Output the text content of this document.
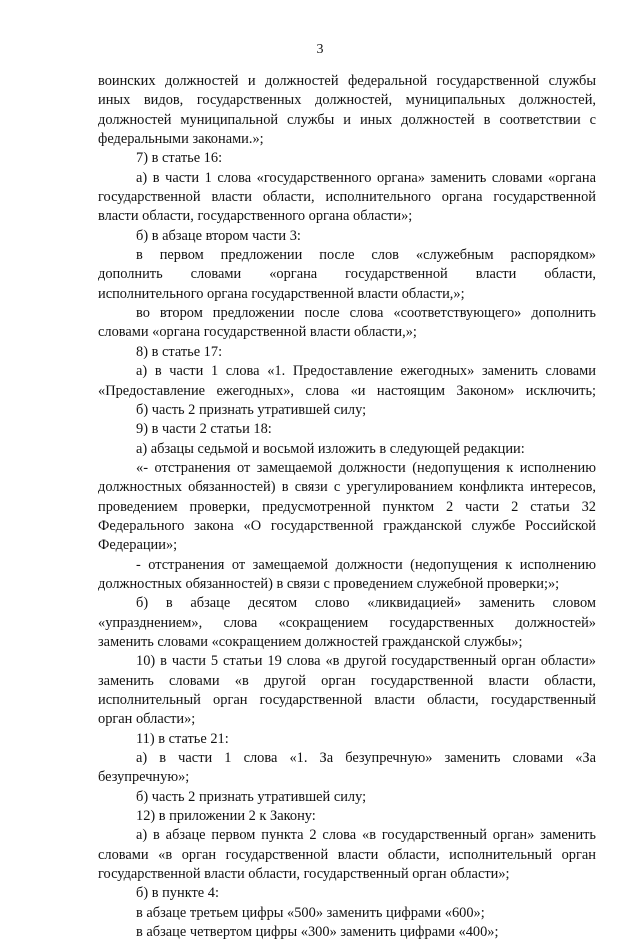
3
воинских должностей и должностей федеральной государственной службы
иных видов, государственных должностей, муниципальных должностей,
должностей муниципальной службы и иных должностей в соответствии с
федеральными законами.»;
7) в статье 16:
а) в части 1 слова «государственного органа» заменить словами «органа
государственной власти области, исполнительного органа государственной
власти области, государственного органа области»;
б) в абзаце втором части 3:
в первом предложении после слов «служебным распорядком»
дополнить словами «органа государственной власти области,
исполнительного органа государственной власти области,»;
во втором предложении после слова «соответствующего» дополнить
словами «органа государственной власти области,»;
8) в статье 17:
а) в части 1 слова «1. Предоставление ежегодных» заменить словами
«Предоставление ежегодных», слова «и настоящим Законом» исключить;
б) часть 2 признать утратившей силу;
9) в части 2 статьи 18:
а) абзацы седьмой и восьмой изложить в следующей редакции:
«- отстранения от замещаемой должности (недопущения к исполнению
должностных обязанностей) в связи с урегулированием конфликта интересов,
проведением проверки, предусмотренной пунктом 2 части 2 статьи 32
Федерального закона «О государственной гражданской службе Российской
Федерации»;
- отстранения от замещаемой должности (недопущения к исполнению
должностных обязанностей) в связи с проведением служебной проверки;»;
б) в абзаце десятом слово «ликвидацией» заменить словом
«упразднением», слова «сокращением государственных должностей»
заменить словами «сокращением должностей гражданской службы»;
10) в части 5 статьи 19 слова «в другой государственный орган области»
заменить словами «в другой орган государственной власти области,
исполнительный орган государственной власти области, государственный
орган области»;
11) в статье 21:
а) в части 1 слова «1. За безупречную» заменить словами «За
безупречную»;
б) часть 2 признать утратившей силу;
12) в приложении 2 к Закону:
а) в абзаце первом пункта 2 слова «в государственный орган» заменить
словами «в орган государственной власти области, исполнительный орган
государственной власти области, государственный орган области»;
б) в пункте 4:
в абзаце третьем цифры «500» заменить цифрами «600»;
в абзаце четвертом цифры «300» заменить цифрами «400»;
